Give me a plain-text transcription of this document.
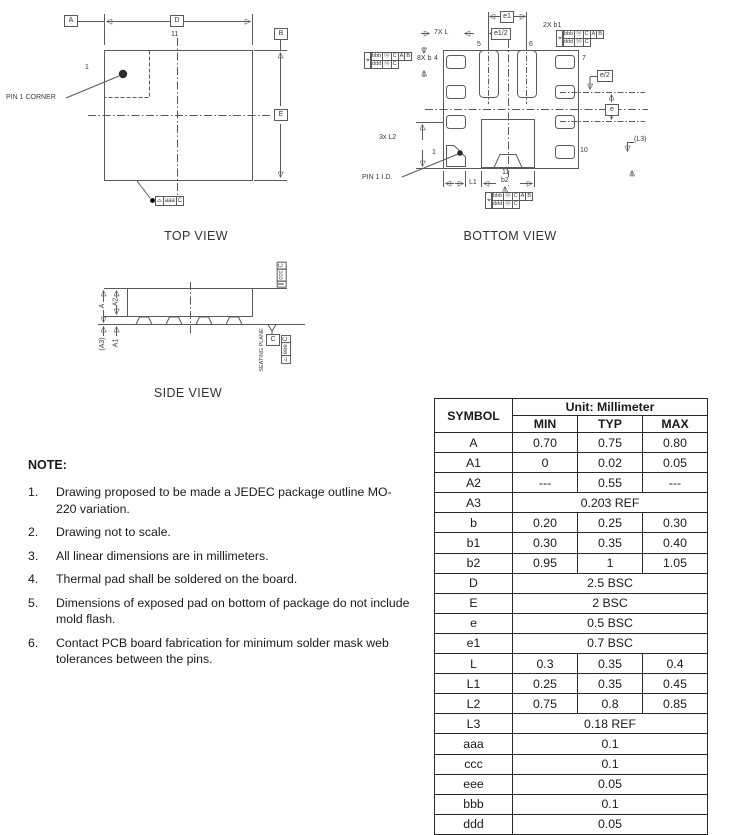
A	D
11	B
E
1
PIN 1 CORNER
⌓ aaa C
TOP VIEW
e1
e1/2
2X b1
7X L
8X b 4
5	6
7
1	10
11
3x L2
PIN 1 I.D.
L1	b2
e/2
e
(L3)
⌖
bbb Ⓜ C A B
ddd Ⓜ C
⌖
bbb Ⓜ C A B
ddd Ⓜ C
⌖
bbb Ⓜ C A B
ddd Ⓜ C
BOTTOM VIEW
A A2
(A3) A1	SEATING PLANE C
∥
ccc
C
⌓
eee
C
SIDE VIEW
NOTE:
1.	Drawing proposed to be made a JEDEC package outline MO-220 variation.
2.	Drawing not to scale.
3.	All linear dimensions are in millimeters.
4.	Thermal pad shall be soldered on the board.
5.	Dimensions of exposed pad on bottom of package do not include mold flash.
6.	Contact PCB board fabrication for minimum solder mask web tolerances between the pins.
SYMBOL	Unit: Millimeter		
	MIN	TYP	MAX
A	0.70	0.75	0.80
A1	0	0.02	0.05
A2	---	0.55	---
A3	0.203 REF		
b	0.20	0.25	0.30
b1	0.30	0.35	0.40
b2	0.95	1	1.05
D	2.5 BSC		
E	2 BSC		
e	0.5 BSC		
e1	0.7 BSC		
L	0.3	0.35	0.4
L1	0.25	0.35	0.45
L2	0.75	0.8	0.85
L3	0.18 REF		
aaa	0.1		
ccc	0.1		
eee	0.05		
bbb	0.1		
ddd	0.05		
